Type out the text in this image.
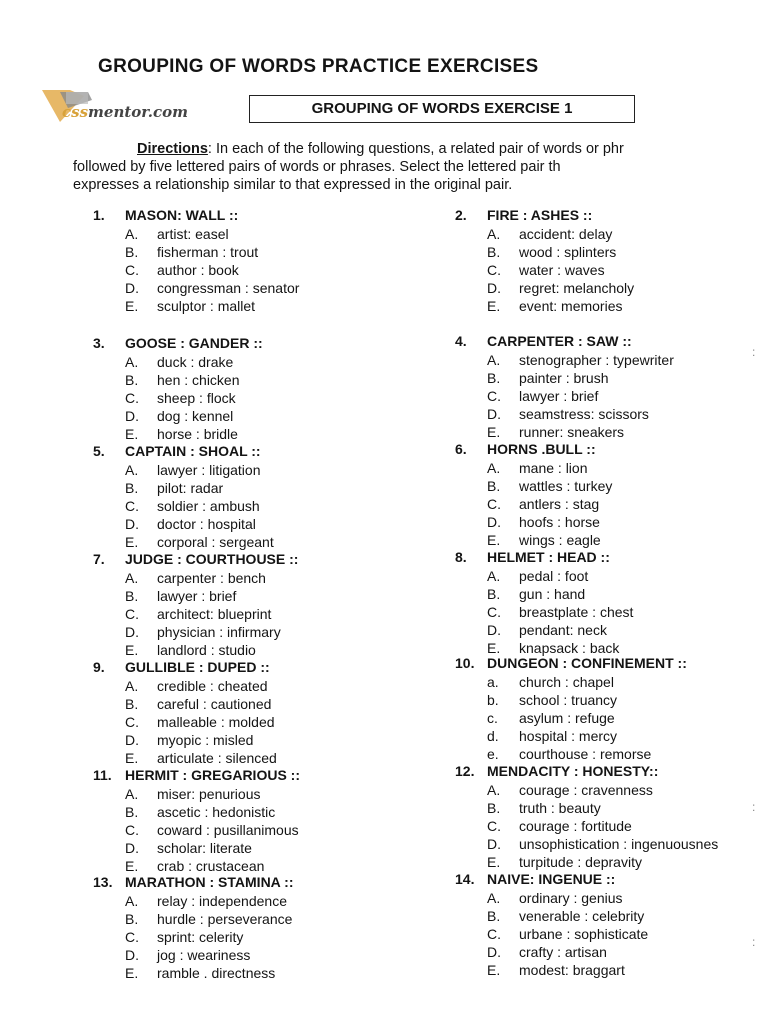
GROUPING OF WORDS PRACTICE EXERCISES
cssmentor.com	GROUPING OF WORDS EXERCISE 1
Directions: In each of the following questions, a related pair of words or phr
followed by five lettered pairs of words or phrases. Select the lettered pair th
expresses a relationship similar to that expressed in the original pair.
1. MASON: WALL ::
A. artist: easel
B. fisherman : trout
C. author : book
D. congressman : senator
E. sculptor : mallet
3. GOOSE : GANDER ::
A. duck : drake
B. hen : chicken
C. sheep : flock
D. dog : kennel
E. horse : bridle
5. CAPTAIN : SHOAL ::
A. lawyer : litigation
B. pilot: radar
C. soldier : ambush
D. doctor : hospital
E. corporal : sergeant
7. JUDGE : COURTHOUSE ::
A. carpenter : bench
B. lawyer : brief
C. architect: blueprint
D. physician : infirmary
E. landlord : studio
9. GULLIBLE : DUPED ::
A. credible : cheated
B. careful : cautioned
C. malleable : molded
D. myopic : misled
E. articulate : silenced
11. HERMIT : GREGARIOUS ::
A. miser: penurious
B. ascetic : hedonistic
C. coward : pusillanimous
D. scholar: literate
E. crab : crustacean
13. MARATHON : STAMINA ::
A. relay : independence
B. hurdle : perseverance
C. sprint: celerity
D. jog : weariness
E. ramble . directness
2. FIRE : ASHES ::
A. accident: delay
B. wood : splinters
C. water : waves
D. regret: melancholy
E. event: memories
4. CARPENTER : SAW ::
A. stenographer : typewriter
B. painter : brush
C. lawyer : brief
D. seamstress: scissors
E. runner: sneakers
6. HORNS .BULL ::
A. mane : lion
B. wattles : turkey
C. antlers : stag
D. hoofs : horse
E. wings : eagle
8. HELMET : HEAD ::
A. pedal : foot
B. gun : hand
C. breastplate : chest
D. pendant: neck
E. knapsack : back
10. DUNGEON : CONFINEMENT ::
a. church : chapel
b. school : truancy
c. asylum : refuge
d. hospital : mercy
e. courthouse : remorse
12. MENDACITY : HONESTY::
A. courage : cravenness
B. truth : beauty
C. courage : fortitude
D. unsophistication : ingenuousnes
E. turpitude : depravity
14. NAIVE: INGENUE ::
A. ordinary : genius
B. venerable : celebrity
C. urbane : sophisticate
D. crafty : artisan
E. modest: braggart
:
:
:
